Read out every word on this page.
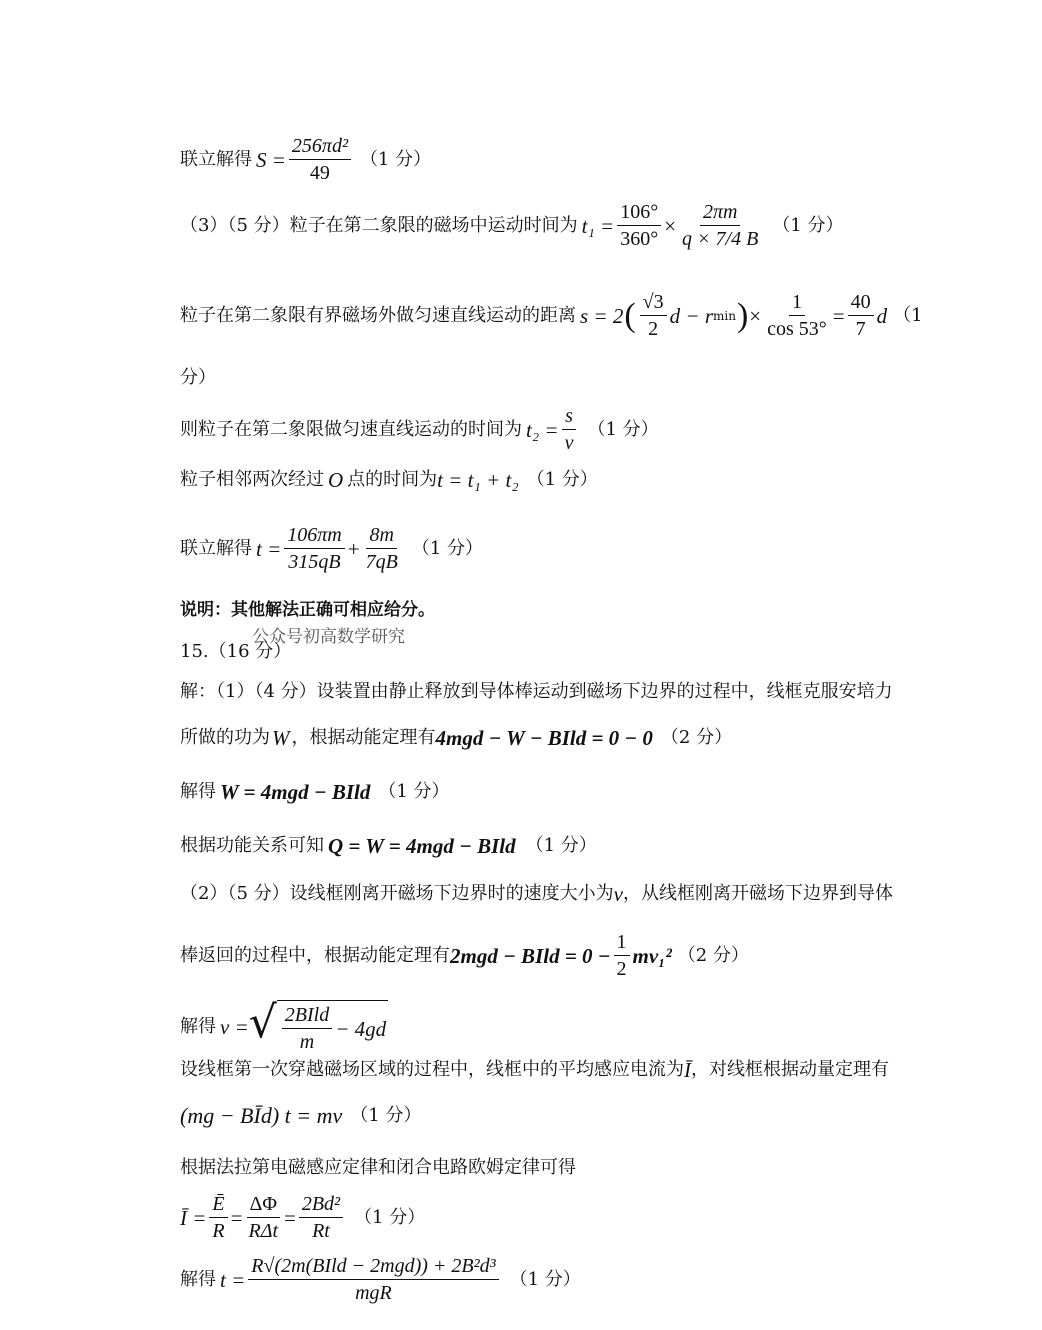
联立解得 $S = \frac{\text{256πd²}}{49} (1$ 分）
（3）（5 分）粒子在第二象限的磁场中运动时间为 $t_1 = \frac{106^\circ}{360^\circ} \times \frac{2\pi m}{q \times 7/4 B} (1$ 分）
粒子在第二象限有界磁场外做匀速直线运动的距离 s = 2 ( $\frac{√3}{2}$ d − r min ) × $\frac{1}{\cos 53^\circ} = \frac{40}{7}$ d （1
分）
则粒子在第二象限做匀速直线运动的时间为 $t_2 = \frac{s}{v} (1$ 分）
粒子相邻两次经过 O 点的时间为 t = t₁ + t₂ （1 分）
联立解得 $t = \frac{106\pi m}{315qB} + \frac{8m}{7qB} (1$ 分）
说明：其他解法正确可相应给分。
公众号初高数学研究
15.（16 分）
解：（1）（4 分）设装置由静止释放到导体棒运动到磁场下边界的过程中，线框克服安培力
所做的功为 W ，根据动能定理有 4mgd − W − BIld = 0 − 0 （2 分）
解得 W = 4mgd − BIld （1 分）
根据功能关系可知 Q = W = 4mgd − BIld （1 分）
（2）（5 分）设线框刚离开磁场下边界时的速度大小为 v ，从线框刚离开磁场下边界到导体
棒返回的过程中，根据动能定理有 2mgd − BIld = $0 - \frac{1}{2} mv_1^2$ （2 分）
解得 v = √ $\frac{\text{2BIld}}{m} - 4gd$
设线框第一次穿越磁场区域的过程中，线框中的平均感应电流为 Ī ，对线框根据动量定理有
(mg − BĪd) t = mv （1 分）
根据法拉第电磁感应定律和闭合电路欧姆定律可得
Ī = $\frac{Ē}{R} = \frac{\Delta\Phi}{\text{RΔt}} = \frac{\text{2Bd²}}{Rt} (1$ 分）
解得 $t = \frac{\text{R√(2m(BIld − 2mgd)) + 2B²d³}}{\text{mgR}} (1$ 分）
